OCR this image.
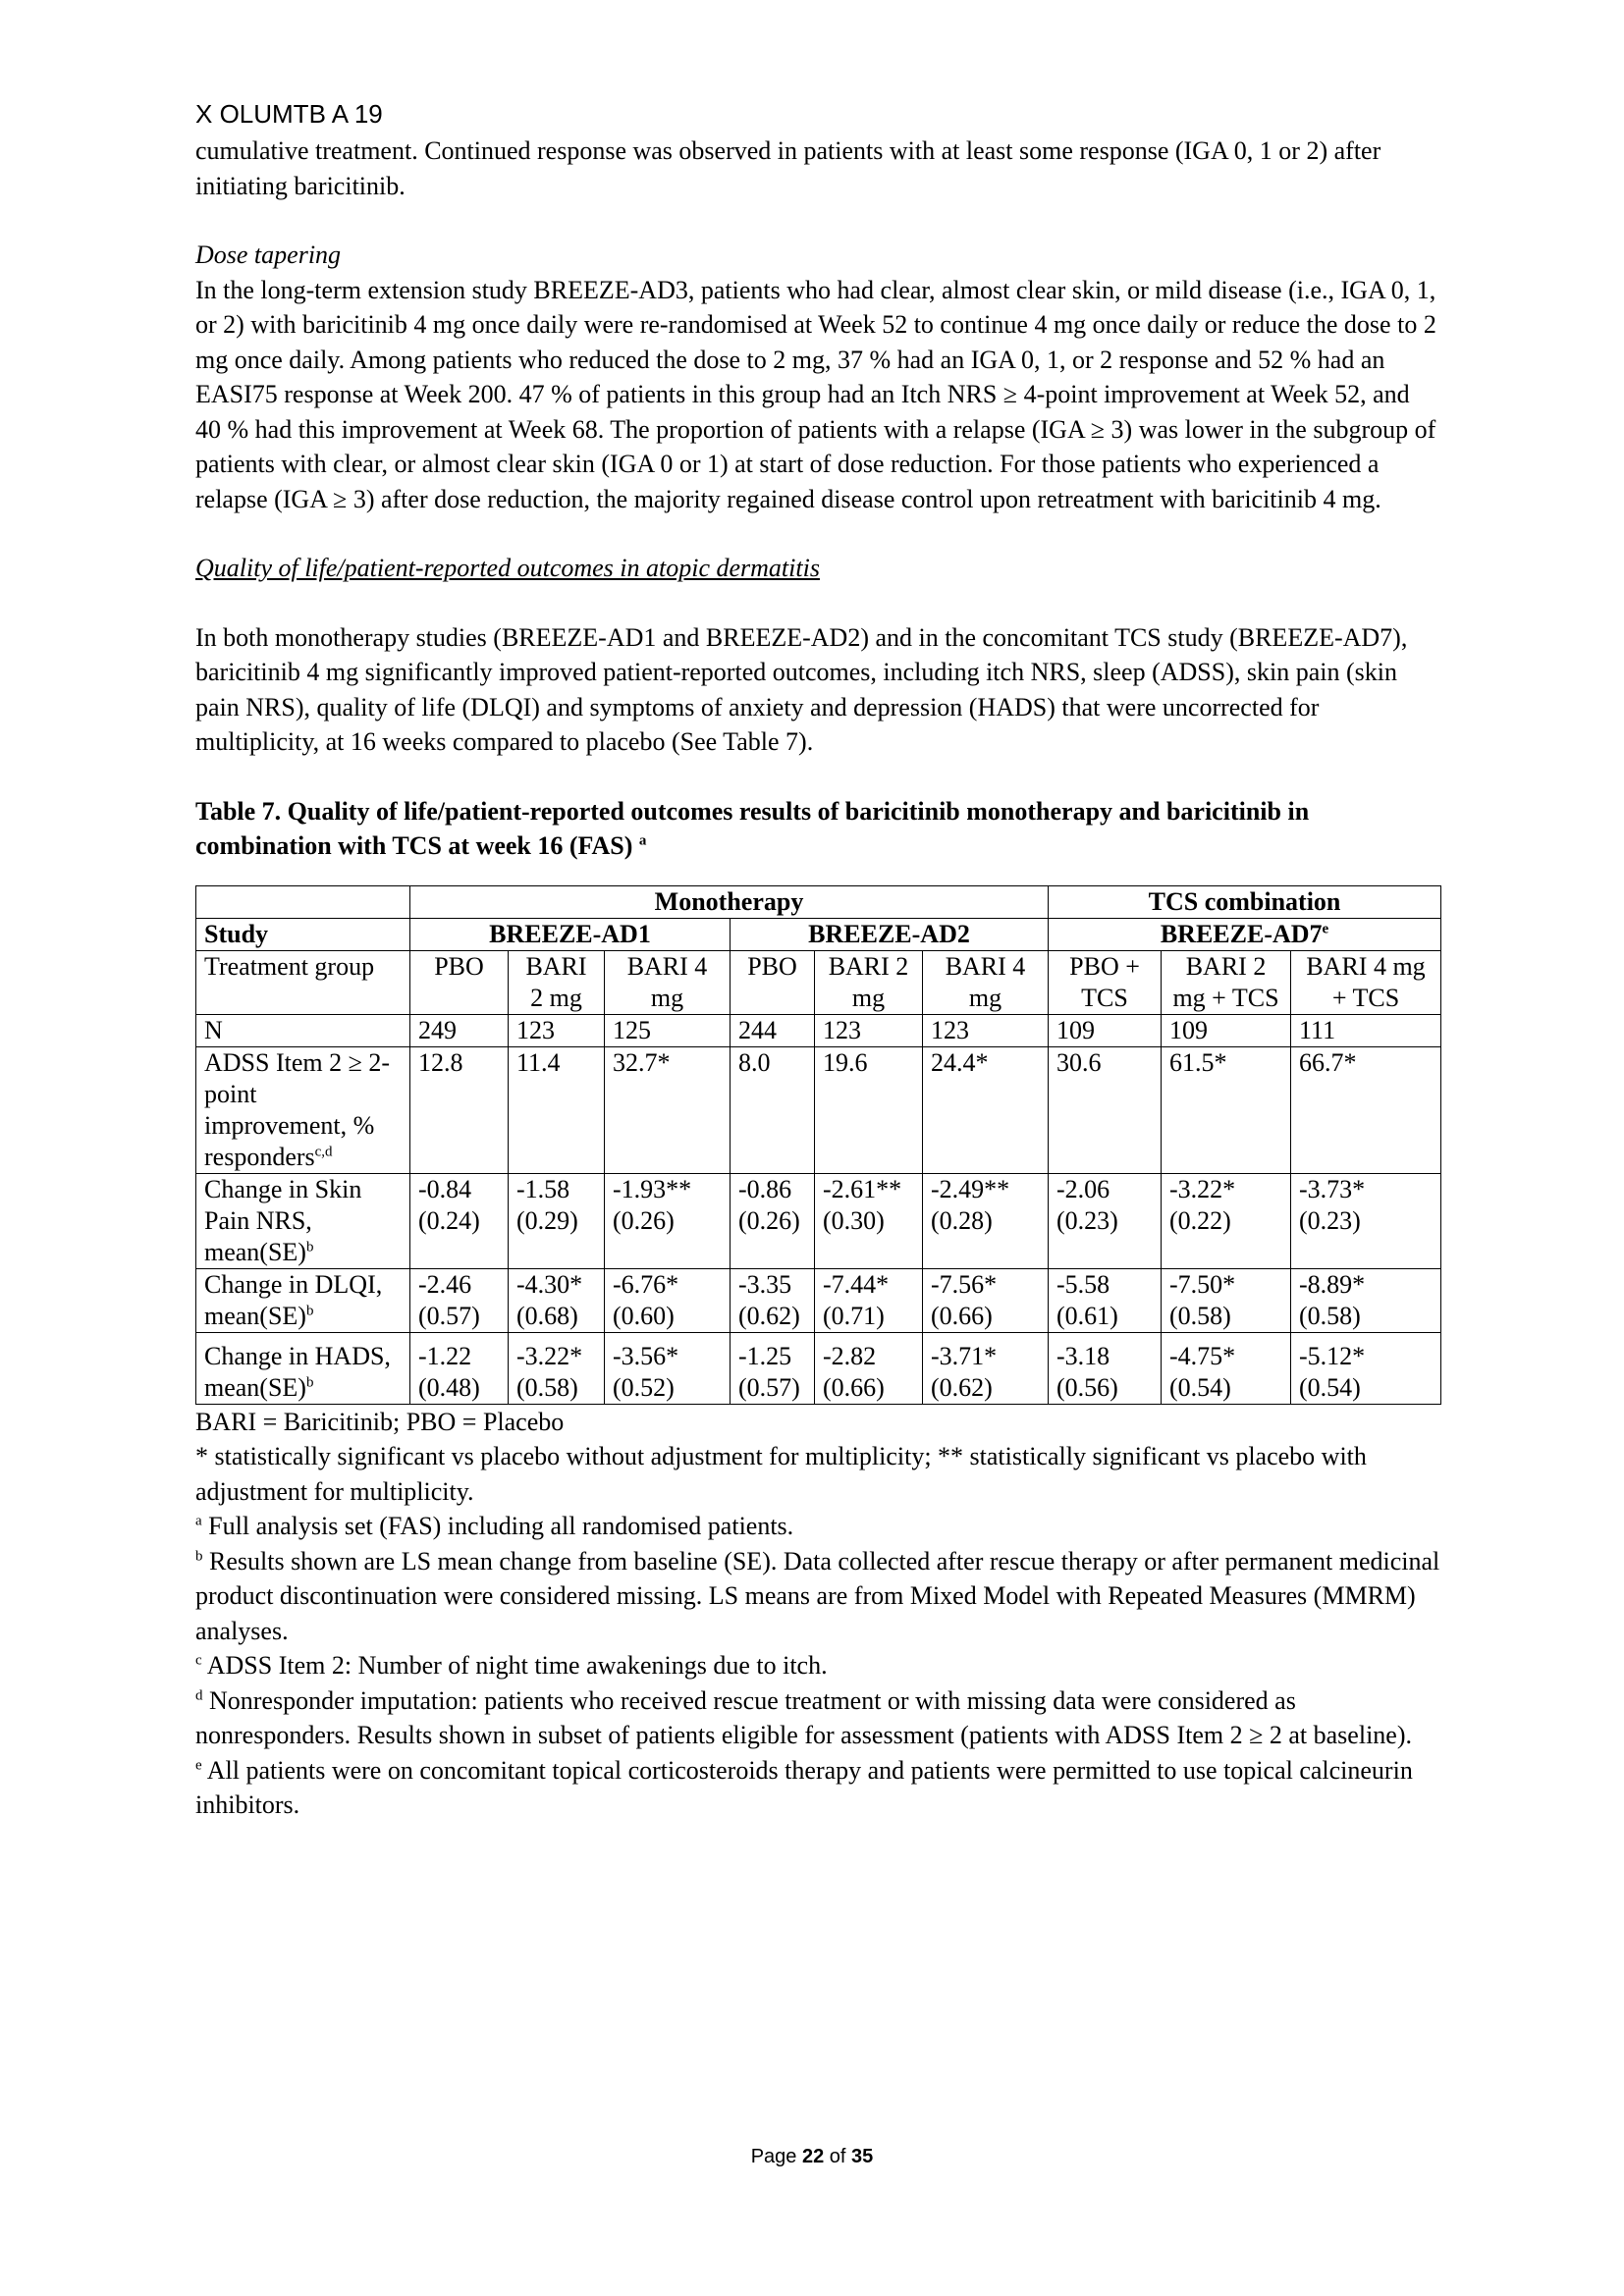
X OLUMTB A 19

cumulative treatment. Continued response was observed in patients with at least some response (IGA 0, 1 or 2) after initiating baricitinib.

Dose tapering

In the long-term extension study BREEZE-AD3, patients who had clear, almost clear skin, or mild disease (i.e., IGA 0, 1, or 2) with baricitinib 4 mg once daily were re-randomised at Week 52 to continue 4 mg once daily or reduce the dose to 2 mg once daily. Among patients who reduced the dose to 2 mg, 37 % had an IGA 0, 1, or 2 response and 52 % had an EASI75 response at Week 200. 47 % of patients in this group had an Itch NRS ≥ 4-point improvement at Week 52, and 40 % had this improvement at Week 68. The proportion of patients with a relapse (IGA ≥ 3) was lower in the subgroup of patients with clear, or almost clear skin (IGA 0 or 1) at start of dose reduction. For those patients who experienced a relapse (IGA ≥ 3) after dose reduction, the majority regained disease control upon retreatment with baricitinib 4 mg.

Quality of life/patient-reported outcomes in atopic dermatitis

In both monotherapy studies (BREEZE-AD1 and BREEZE-AD2) and in the concomitant TCS study (BREEZE-AD7), baricitinib 4 mg significantly improved patient-reported outcomes, including itch NRS, sleep (ADSS), skin pain (skin pain NRS), quality of life (DLQI) and symptoms of anxiety and depression (HADS) that were uncorrected for multiplicity, at 16 weeks compared to placebo (See Table 7).

Table 7. Quality of life/patient-reported outcomes results of baricitinib monotherapy and baricitinib in combination with TCS at week 16 (FAS) $^a$

	Monotherapy						TCS combination		
Study	BREEZE-AD1			BREEZE-AD2			BREEZE-AD7e
Treatment group	PBO	BARI 2 mg	BARI 4 mg	PBO	BARI 2 mg	BARI 4 mg	PBO + TCS	BARI 2 mg + TCS	BARI 4 mg + TCS
N	249	123	125	244	123	123	109	109	111
ADSS Item 2 ≥ 2-point improvement, % responders$^{c,d}$	12.8	11.4	32.7*	8.0	19.6	24.4*	30.6	61.5*	66.7*
Change in Skin Pain NRS, mean(SE)$^b$	-0.84 (0.24)	-1.58 (0.29)	-1.93** (0.26)	-0.86 (0.26)	-2.61** (0.30)	-2.49** (0.28)	-2.06 (0.23)	-3.22* (0.22)	-3.73* (0.23)
Change in DLQI, mean(SE)$^b$	-2.46 (0.57)	-4.30* (0.68)	-6.76* (0.60)	-3.35 (0.62)	-7.44* (0.71)	-7.56* (0.66)	-5.58 (0.61)	-7.50* (0.58)	-8.89* (0.58)
Change in HADS, mean(SE)$^b$	-1.22 (0.48)	-3.22* (0.58)	-3.56* (0.52)	-1.25 (0.57)	-2.82 (0.66)	-3.71* (0.62)	-3.18 (0.56)	-4.75* (0.54)	-5.12* (0.54)

BARI = Baricitinib; PBO = Placebo

* statistically significant vs placebo without adjustment for multiplicity; ** statistically significant vs placebo with adjustment for multiplicity.

$^a$ Full analysis set (FAS) including all randomised patients.

$^b$ Results shown are LS mean change from baseline (SE). Data collected after rescue therapy or after permanent medicinal product discontinuation were considered missing. LS means are from Mixed Model with Repeated Measures (MMRM) analyses.

$^c$ ADSS Item 2: Number of night time awakenings due to itch.

$^d$ Nonresponder imputation: patients who received rescue treatment or with missing data were considered as nonresponders. Results shown in subset of patients eligible for assessment (patients with ADSS Item 2 ≥ 2 at baseline).

$^e$ All patients were on concomitant topical corticosteroids therapy and patients were permitted to use topical calcineurin inhibitors.

Page 22 of 35
